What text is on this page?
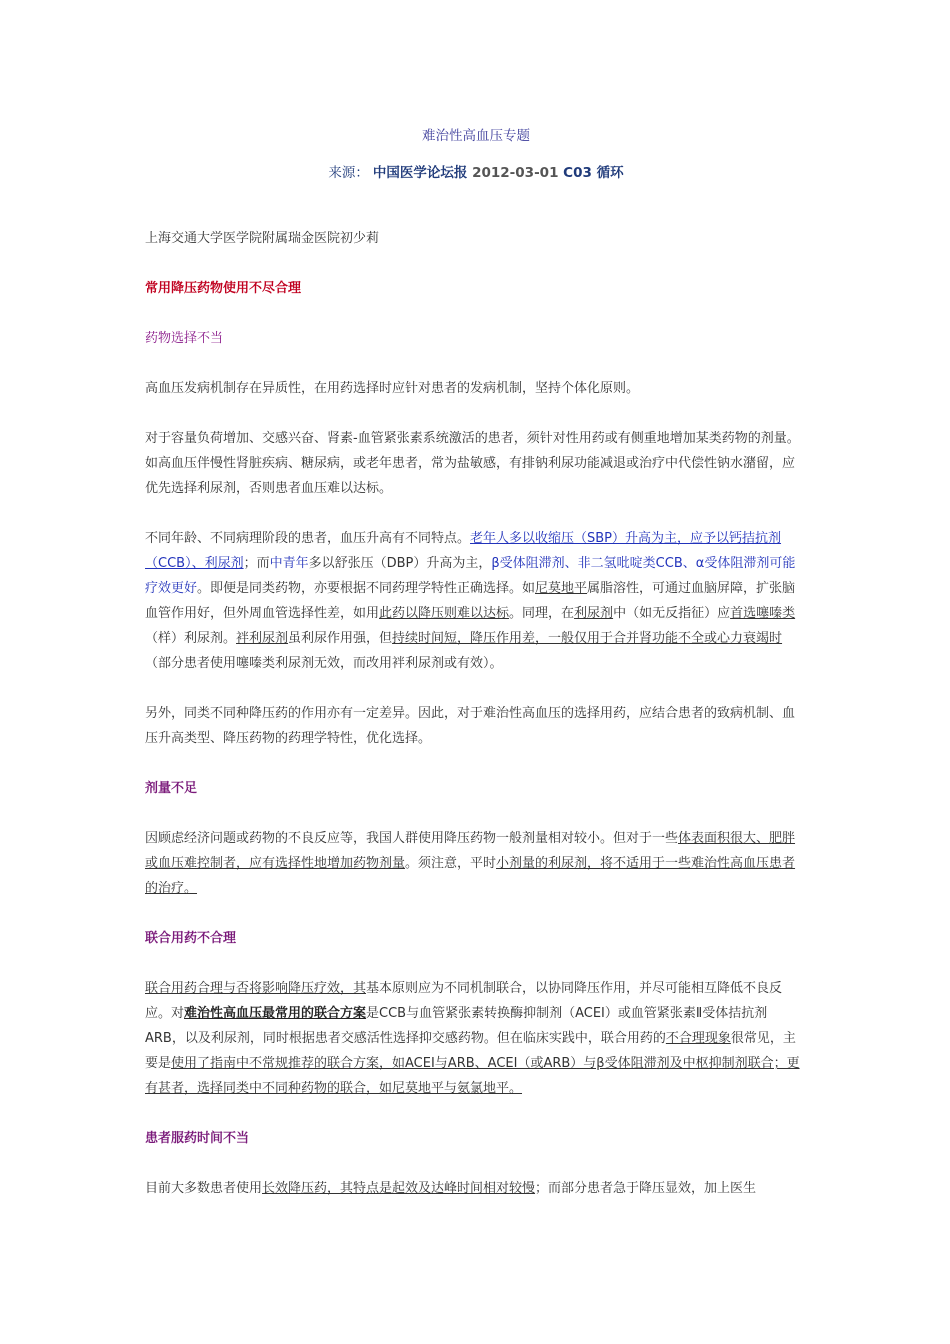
难治性高血压专题
来源： 中国医学论坛报 2012-03-01 C03 循环

上海交通大学医学院附属瑞金医院初少莉

常用降压药物使用不尽合理

药物选择不当

高血压发病机制存在异质性，在用药选择时应针对患者的发病机制，坚持个体化原则。

对于容量负荷增加、交感兴奋、肾素-血管紧张素系统激活的患者，须针对性用药或有侧重地增加某类药物的剂量。如高血压伴慢性肾脏疾病、糖尿病，或老年患者，常为盐敏感，有排钠利尿功能减退或治疗中代偿性钠水潴留，应优先选择利尿剂，否则患者血压难以达标。

不同年龄、不同病理阶段的患者，血压升高有不同特点。老年人多以收缩压（SBP）升高为主，应予以钙拮抗剂（CCB）、利尿剂；而中青年多以舒张压（DBP）升高为主，β受体阻滞剂、非二氢吡啶类CCB、α受体阻滞剂可能疗效更好。即便是同类药物，亦要根据不同药理学特性正确选择。如尼莫地平属脂溶性，可通过血脑屏障，扩张脑血管作用好，但外周血管选择性差，如用此药以降压则难以达标。同理，在利尿剂中（如无反指征）应首选噻嗪类（样）利尿剂。袢利尿剂虽利尿作用强，但持续时间短，降压作用差，一般仅用于合并肾功能不全或心力衰竭时（部分患者使用噻嗪类利尿剂无效，而改用袢利尿剂或有效）。

另外，同类不同种降压药的作用亦有一定差异。因此，对于难治性高血压的选择用药，应结合患者的致病机制、血压升高类型、降压药物的药理学特性，优化选择。

剂量不足

因顾虑经济问题或药物的不良反应等，我国人群使用降压药物一般剂量相对较小。但对于一些体表面积很大、肥胖或血压难控制者，应有选择性地增加药物剂量。须注意，平时小剂量的利尿剂，将不适用于一些难治性高血压患者的治疗。

联合用药不合理

联合用药合理与否将影响降压疗效，其基本原则应为不同机制联合，以协同降压作用，并尽可能相互降低不良反应。对难治性高血压最常用的联合方案是CCB与血管紧张素转换酶抑制剂（ACEI）或血管紧张素Ⅱ受体拮抗剂ARB，以及利尿剂，同时根据患者交感活性选择抑交感药物。但在临床实践中，联合用药的不合理现象很常见，主要是使用了指南中不常规推荐的联合方案，如ACEI与ARB、ACEI（或ARB）与β受体阻滞剂及中枢抑制剂联合；更有甚者，选择同类中不同种药物的联合，如尼莫地平与氨氯地平。

患者服药时间不当

目前大多数患者使用长效降压药，其特点是起效及达峰时间相对较慢；而部分患者急于降压显效，加上医生
